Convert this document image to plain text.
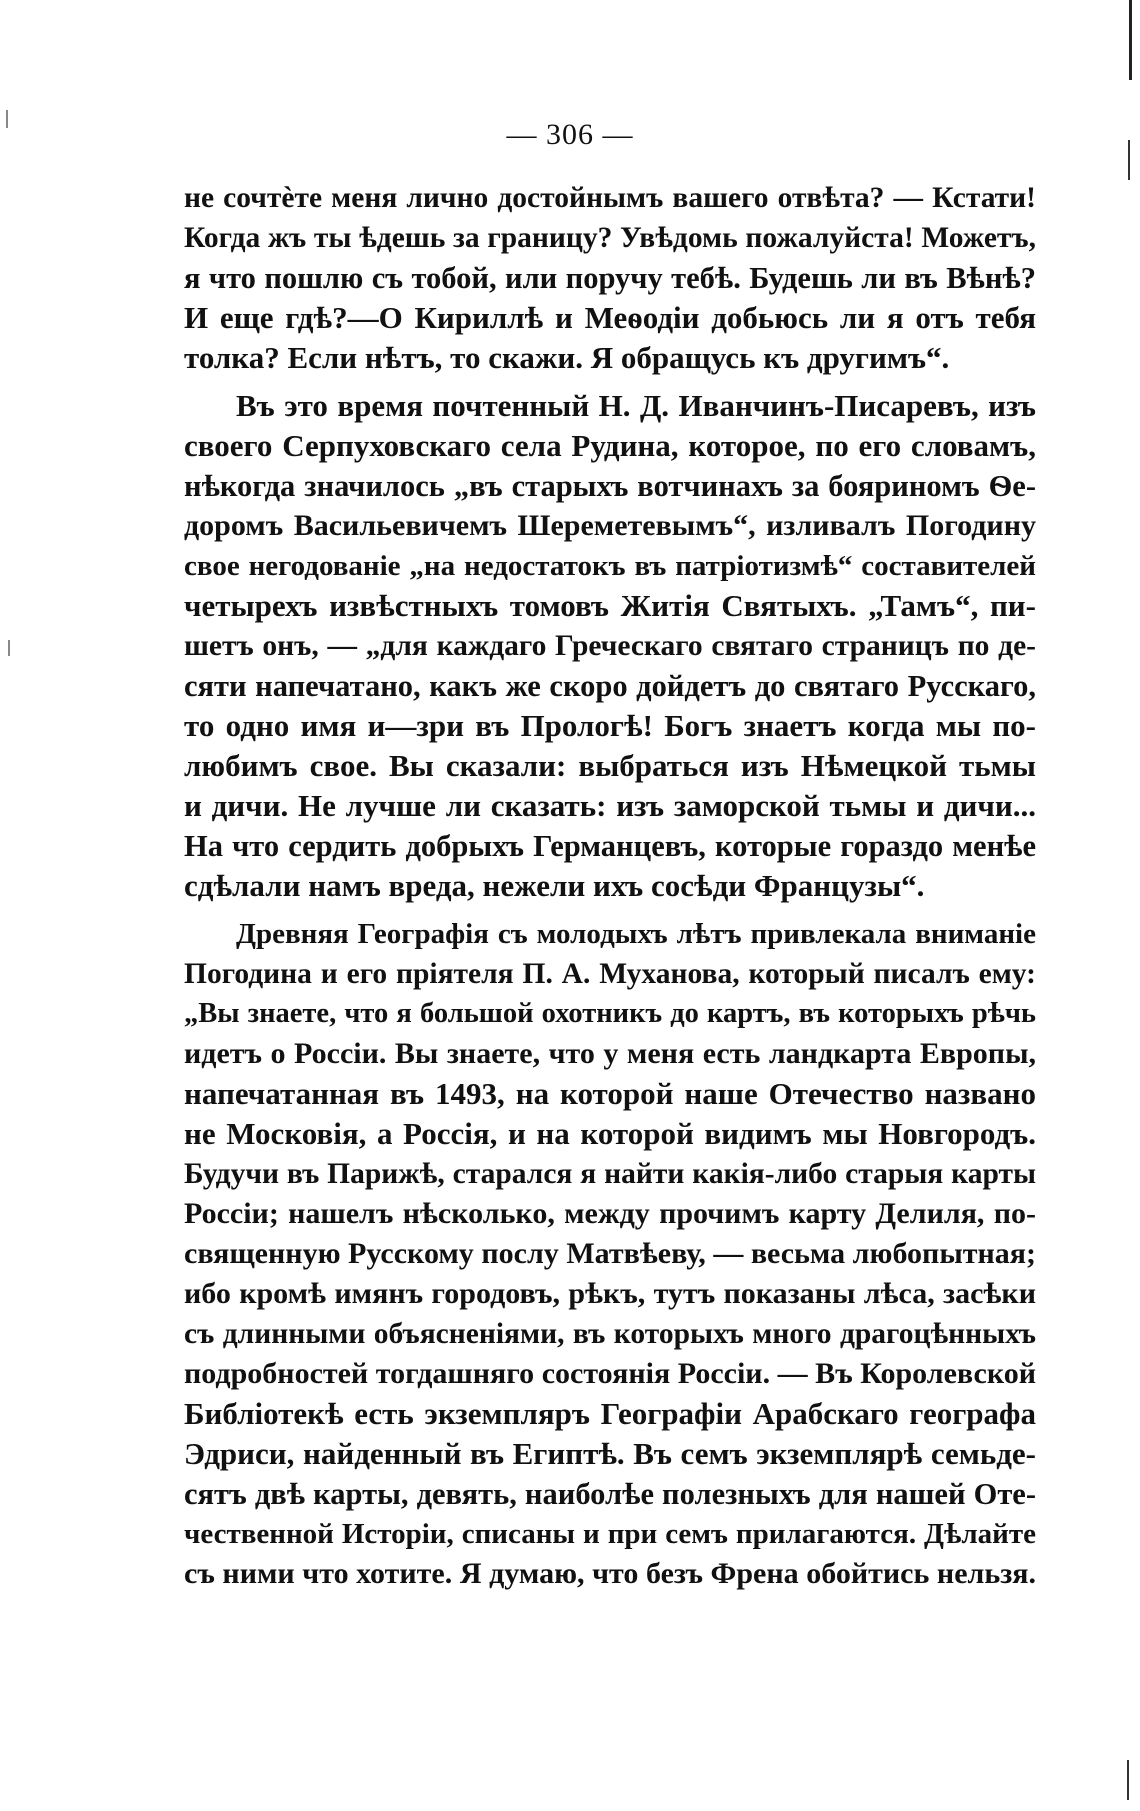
— 306 —
не сочтѐте меня лично достойнымъ вашего отвѣта? — Кстати!
Когда жъ ты ѣдешь за границу? Увѣдомь пожалуйста! Можетъ,
я что пошлю съ тобой, или поручу тебѣ. Будешь ли въ Вѣнѣ?
И еще гдѣ?—О Кириллѣ и Меѳодіи добьюсь ли я отъ тебя
толка? Если нѣтъ, то скажи. Я обращусь къ другимъ“.
Въ это время почтенный Н. Д. Иванчинъ-Писаревъ, изъ
своего Серпуховскаго села Рудина, которое, по его словамъ,
нѣкогда значилось „въ старыхъ вотчинахъ за бояриномъ Ѳе-
доромъ Васильевичемъ Шереметевымъ“, изливалъ Погодину
свое негодованіе „на недостатокъ въ патріотизмѣ“ составителей
четырехъ извѣстныхъ томовъ Житія Святыхъ. „Тамъ“, пи-
шетъ онъ, — „для каждаго Греческаго святаго страницъ по де-
сяти напечатано, какъ же скоро дойдетъ до святаго Русскаго,
то одно имя и—зри въ Прологѣ! Богъ знаетъ когда мы по-
любимъ свое. Вы сказали: выбраться изъ Нѣмецкой тьмы
и дичи. Не лучше ли сказать: изъ заморской тьмы и дичи...
На что сердить добрыхъ Германцевъ, которые гораздо менѣе
сдѣлали намъ вреда, нежели ихъ сосѣди Французы“.
Древняя Географія съ молодыхъ лѣтъ привлекала вниманіе
Погодина и его пріятеля П. А. Муханова, который писалъ ему:
„Вы знаете, что я большой охотникъ до картъ, въ которыхъ рѣчь
идетъ о Россіи. Вы знаете, что у меня есть ландкарта Европы,
напечатанная въ 1493, на которой наше Отечество названо
не Московія, а Россія, и на которой видимъ мы Новгородъ.
Будучи въ Парижѣ, старался я найти какія-либо старыя карты
Россіи; нашелъ нѣсколько, между прочимъ карту Делиля, по-
священную Русскому послу Матвѣеву, — весьма любопытная;
ибо кромѣ имянъ городовъ, рѣкъ, тутъ показаны лѣса, засѣки
съ длинными объясненіями, въ которыхъ много драгоцѣнныхъ
подробностей тогдашняго состоянія Россіи. — Въ Королевской
Библіотекѣ есть экземпляръ Географіи Арабскаго географа
Эдриси, найденный въ Египтѣ. Въ семъ экземплярѣ семьде-
сятъ двѣ карты, девять, наиболѣе полезныхъ для нашей Оте-
чественной Исторіи, списаны и при семъ прилагаются. Дѣлайте
съ ними что хотите. Я думаю, что безъ Френа обойтись нельзя.
